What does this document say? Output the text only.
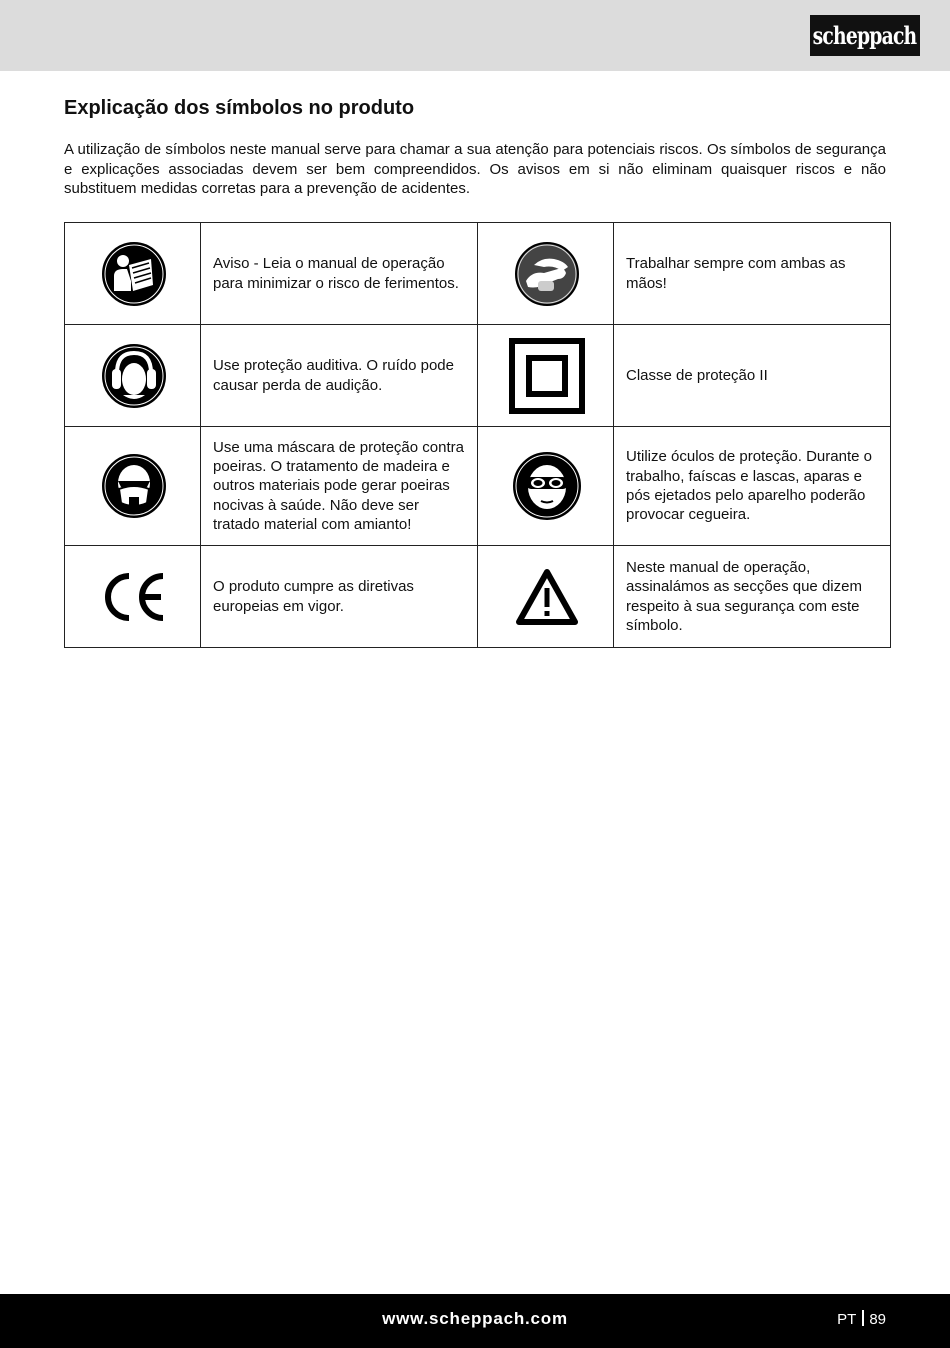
scheppach
Explicação dos símbolos no produto

A utilização de símbolos neste manual serve para chamar a sua atenção para potenciais riscos. Os símbolos de segurança e explicações associadas devem ser bem compreendidos. Os avisos em si não eliminam quaisquer riscos e não substituem medidas corretas para a prevenção de acidentes.

	Aviso - Leia o manual de operação para minimizar o risco de ferimentos.		Trabalhar sempre com ambas as mãos!

	Use proteção auditiva. O ruído pode causar perda de audição.		Classe de proteção II

	Use uma máscara de proteção contra poeiras. O tratamento de madeira e outros materiais pode gerar poeiras nocivas à saúde. Não deve ser tratado material com amianto!		Utilize óculos de proteção. Durante o trabalho, faíscas e lascas, aparas e pós ejetados pelo aparelho poderão provocar cegueira.

	O produto cumpre as diretivas europeias em vigor.		Neste manual de operação, assinalámos as secções que dizem respeito à sua segurança com este símbolo.
www.scheppach.com	PT 89
